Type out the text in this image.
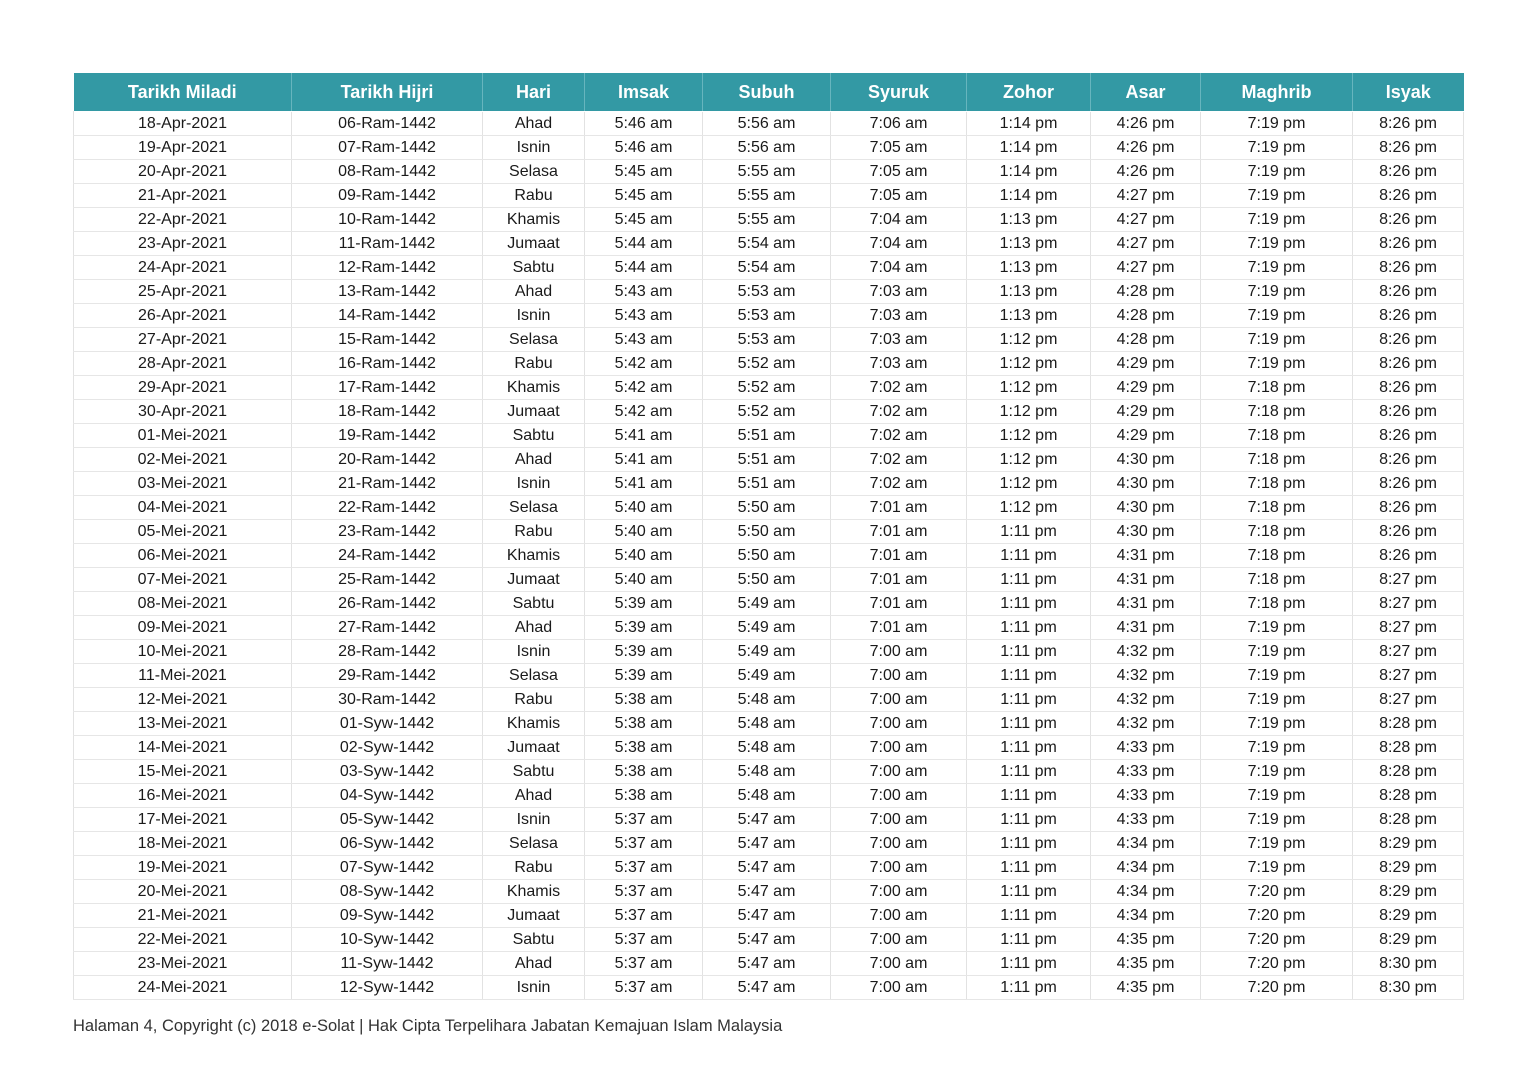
Tarikh Miladi	Tarikh Hijri	Hari	Imsak	Subuh	Syuruk	Zohor	Asar	Maghrib	Isyak

18-Apr-2021	06-Ram-1442	Ahad	5:46 am	5:56 am	7:06 am	1:14 pm	4:26 pm	7:19 pm	8:26 pm
19-Apr-2021	07-Ram-1442	Isnin	5:46 am	5:56 am	7:05 am	1:14 pm	4:26 pm	7:19 pm	8:26 pm
20-Apr-2021	08-Ram-1442	Selasa	5:45 am	5:55 am	7:05 am	1:14 pm	4:26 pm	7:19 pm	8:26 pm
21-Apr-2021	09-Ram-1442	Rabu	5:45 am	5:55 am	7:05 am	1:14 pm	4:27 pm	7:19 pm	8:26 pm
22-Apr-2021	10-Ram-1442	Khamis	5:45 am	5:55 am	7:04 am	1:13 pm	4:27 pm	7:19 pm	8:26 pm
23-Apr-2021	11-Ram-1442	Jumaat	5:44 am	5:54 am	7:04 am	1:13 pm	4:27 pm	7:19 pm	8:26 pm
24-Apr-2021	12-Ram-1442	Sabtu	5:44 am	5:54 am	7:04 am	1:13 pm	4:27 pm	7:19 pm	8:26 pm
25-Apr-2021	13-Ram-1442	Ahad	5:43 am	5:53 am	7:03 am	1:13 pm	4:28 pm	7:19 pm	8:26 pm
26-Apr-2021	14-Ram-1442	Isnin	5:43 am	5:53 am	7:03 am	1:13 pm	4:28 pm	7:19 pm	8:26 pm
27-Apr-2021	15-Ram-1442	Selasa	5:43 am	5:53 am	7:03 am	1:12 pm	4:28 pm	7:19 pm	8:26 pm
28-Apr-2021	16-Ram-1442	Rabu	5:42 am	5:52 am	7:03 am	1:12 pm	4:29 pm	7:19 pm	8:26 pm
29-Apr-2021	17-Ram-1442	Khamis	5:42 am	5:52 am	7:02 am	1:12 pm	4:29 pm	7:18 pm	8:26 pm
30-Apr-2021	18-Ram-1442	Jumaat	5:42 am	5:52 am	7:02 am	1:12 pm	4:29 pm	7:18 pm	8:26 pm
01-Mei-2021	19-Ram-1442	Sabtu	5:41 am	5:51 am	7:02 am	1:12 pm	4:29 pm	7:18 pm	8:26 pm
02-Mei-2021	20-Ram-1442	Ahad	5:41 am	5:51 am	7:02 am	1:12 pm	4:30 pm	7:18 pm	8:26 pm
03-Mei-2021	21-Ram-1442	Isnin	5:41 am	5:51 am	7:02 am	1:12 pm	4:30 pm	7:18 pm	8:26 pm
04-Mei-2021	22-Ram-1442	Selasa	5:40 am	5:50 am	7:01 am	1:12 pm	4:30 pm	7:18 pm	8:26 pm
05-Mei-2021	23-Ram-1442	Rabu	5:40 am	5:50 am	7:01 am	1:11 pm	4:30 pm	7:18 pm	8:26 pm
06-Mei-2021	24-Ram-1442	Khamis	5:40 am	5:50 am	7:01 am	1:11 pm	4:31 pm	7:18 pm	8:26 pm
07-Mei-2021	25-Ram-1442	Jumaat	5:40 am	5:50 am	7:01 am	1:11 pm	4:31 pm	7:18 pm	8:27 pm
08-Mei-2021	26-Ram-1442	Sabtu	5:39 am	5:49 am	7:01 am	1:11 pm	4:31 pm	7:18 pm	8:27 pm
09-Mei-2021	27-Ram-1442	Ahad	5:39 am	5:49 am	7:01 am	1:11 pm	4:31 pm	7:19 pm	8:27 pm
10-Mei-2021	28-Ram-1442	Isnin	5:39 am	5:49 am	7:00 am	1:11 pm	4:32 pm	7:19 pm	8:27 pm
11-Mei-2021	29-Ram-1442	Selasa	5:39 am	5:49 am	7:00 am	1:11 pm	4:32 pm	7:19 pm	8:27 pm
12-Mei-2021	30-Ram-1442	Rabu	5:38 am	5:48 am	7:00 am	1:11 pm	4:32 pm	7:19 pm	8:27 pm
13-Mei-2021	01-Syw-1442	Khamis	5:38 am	5:48 am	7:00 am	1:11 pm	4:32 pm	7:19 pm	8:28 pm
14-Mei-2021	02-Syw-1442	Jumaat	5:38 am	5:48 am	7:00 am	1:11 pm	4:33 pm	7:19 pm	8:28 pm
15-Mei-2021	03-Syw-1442	Sabtu	5:38 am	5:48 am	7:00 am	1:11 pm	4:33 pm	7:19 pm	8:28 pm
16-Mei-2021	04-Syw-1442	Ahad	5:38 am	5:48 am	7:00 am	1:11 pm	4:33 pm	7:19 pm	8:28 pm
17-Mei-2021	05-Syw-1442	Isnin	5:37 am	5:47 am	7:00 am	1:11 pm	4:33 pm	7:19 pm	8:28 pm
18-Mei-2021	06-Syw-1442	Selasa	5:37 am	5:47 am	7:00 am	1:11 pm	4:34 pm	7:19 pm	8:29 pm
19-Mei-2021	07-Syw-1442	Rabu	5:37 am	5:47 am	7:00 am	1:11 pm	4:34 pm	7:19 pm	8:29 pm
20-Mei-2021	08-Syw-1442	Khamis	5:37 am	5:47 am	7:00 am	1:11 pm	4:34 pm	7:20 pm	8:29 pm
21-Mei-2021	09-Syw-1442	Jumaat	5:37 am	5:47 am	7:00 am	1:11 pm	4:34 pm	7:20 pm	8:29 pm
22-Mei-2021	10-Syw-1442	Sabtu	5:37 am	5:47 am	7:00 am	1:11 pm	4:35 pm	7:20 pm	8:29 pm
23-Mei-2021	11-Syw-1442	Ahad	5:37 am	5:47 am	7:00 am	1:11 pm	4:35 pm	7:20 pm	8:30 pm
24-Mei-2021	12-Syw-1442	Isnin	5:37 am	5:47 am	7:00 am	1:11 pm	4:35 pm	7:20 pm	8:30 pm
Halaman 4, Copyright (c) 2018 e-Solat | Hak Cipta Terpelihara Jabatan Kemajuan Islam Malaysia
